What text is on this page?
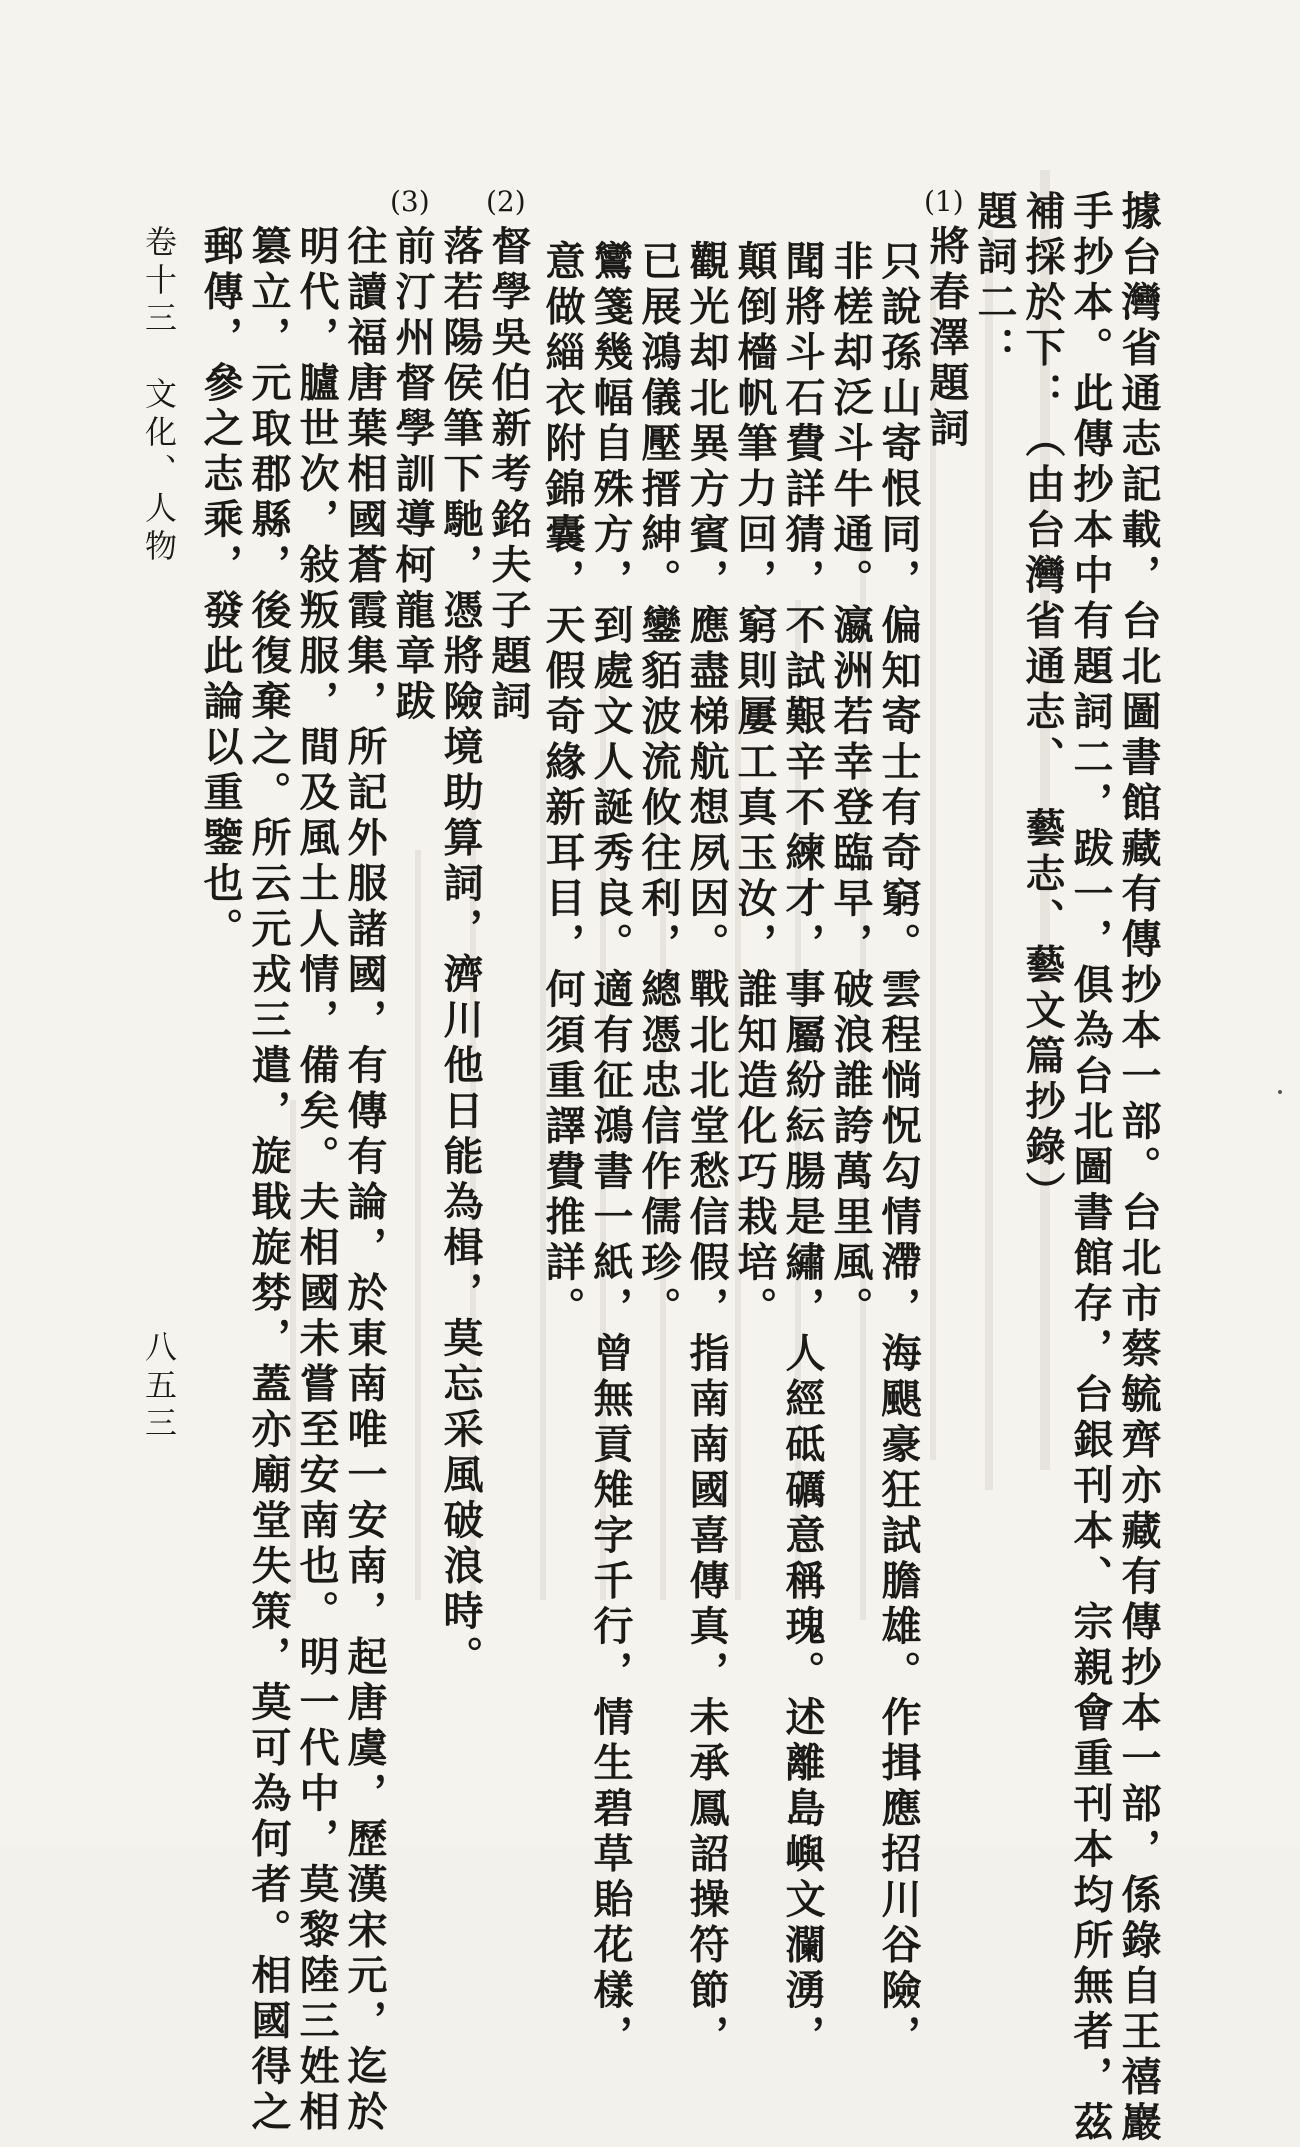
據台灣省通志記載，台北圖書館藏有傳抄本一部。台北市蔡毓齊亦藏有傳抄本一部，係錄自王禧巖
手抄本。此傳抄本中有題詞二，跋一，俱為台北圖書館存，台銀刊本、宗親會重刊本均所無者，茲
補採於下：（由台灣省通志、　藝志、藝文篇抄錄）
題詞二：
(1)
將春澤題詞
只說孫山寄恨同，偏知寄士有奇窮。雲程惝怳勾情滯，海颶豪狂試膽雄。作揖應招川谷險，
非槎却泛斗牛通。瀛洲若幸登臨早，破浪誰誇萬里風。
聞將斗石費詳猜，不試艱辛不練才，事屬紛紜腸是繡，人經砥礪意稱瑰。述離島嶼文瀾湧，
顛倒檣帆筆力回，窮則屢工真玉汝，誰知造化巧栽培。
觀光却北異方賓，應盡梯航想夙因。戰北北堂愁信假，指南南國喜傳真，未承鳳詔操符節，
已展鴻儀壓搢紳。鑾貊波流攸往利，總憑忠信作儒珍。
鸞箋幾幅自殊方，到處文人誕秀良。適有征鴻書一紙，曾無貢雉字千行，情生碧草貽花樣，
意做緇衣附錦囊，天假奇緣新耳目，何須重譯費推詳。
(2)
督學吳伯新考銘夫子題詞
落若陽侯筆下馳，憑將險境助算詞，濟川他日能為楫，莫忘采風破浪時。
(3)
前汀州督學訓導柯龍章跋
往讀福唐葉相國蒼霞集，所記外服諸國，有傳有論，於東南唯一安南，起唐虞，歷漢宋元，迄於
明代，臚世次，敍叛服，間及風土人情，備矣。夫相國未嘗至安南也。明一代中，莫黎陸三姓相
篡立，元取郡縣，後復棄之。所云元戎三遣，旋戢旋棼，蓋亦廟堂失策，莫可為何者。相國得之
郵傳，參之志乘，發此論以重鑒也。
卷十三　文化、人物
八五三
